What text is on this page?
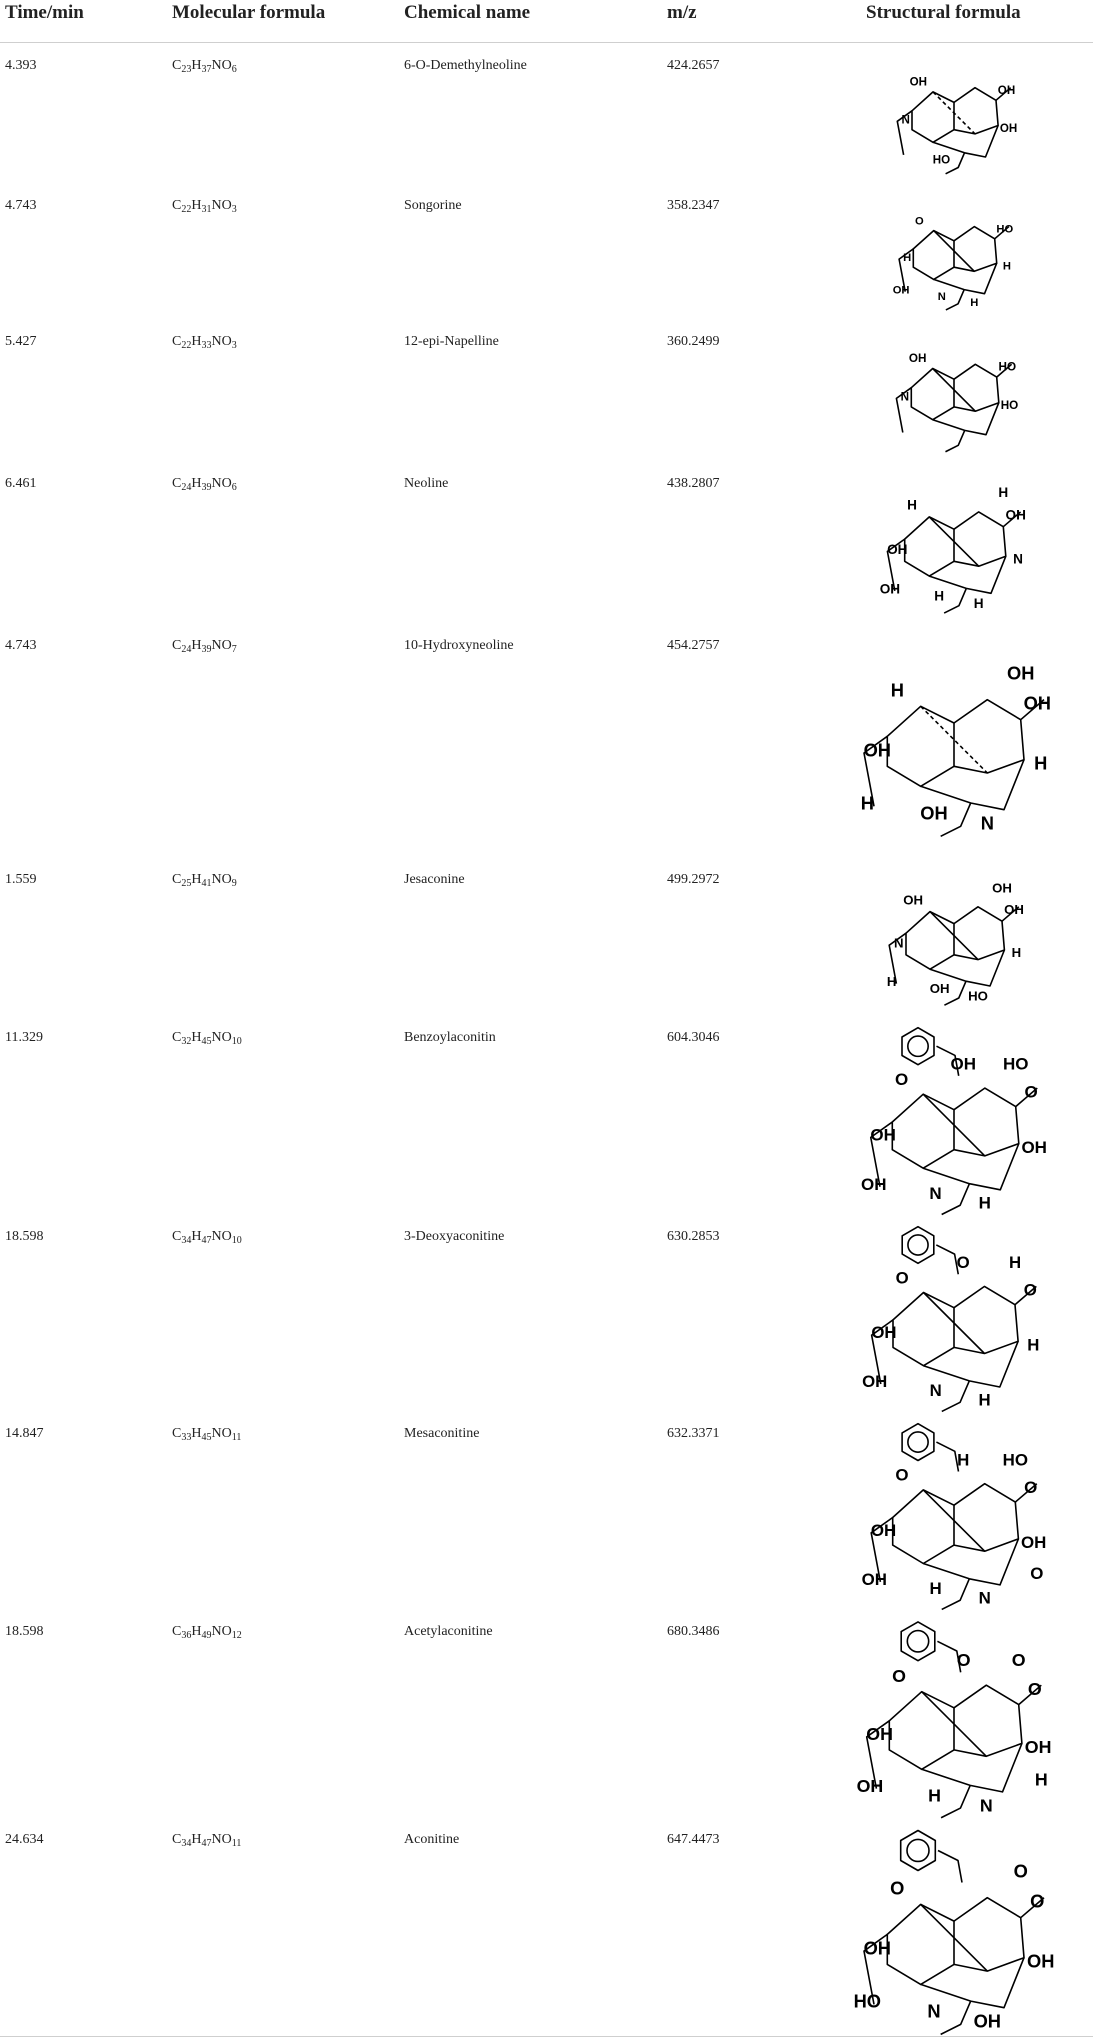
Time/min	Molecular formula	Chemical name	m/z	Structural formula
4.393	$C_{23}H_{37}NO_6$	6-O-Demethylneoline	424.2657
OH
OH
N
OH
HO
4.743	$C_{22}H_{31}NO_3$	Songorine	358.2347
O
HO
H
H
N
H
OH
5.427	$C_{22}H_{33}NO_3$	12-epi-Napelline	360.2499
OH
HO
N
HO
6.461	$C_{24}H_{39}NO_6$	Neoline	438.2807
H
OH
OH
N
H H
OH
H
4.743	$C_{24}H_{39}NO_7$	10-Hydroxyneoline	454.2757
H
OH
OH
H
OH N
H
OH
1.559	$C_{25}H_{41}NO_9$	Jesaconine	499.2972
OH
OH
N
H
OH HO
H
OH
11.329	$C_{32}H_{45}NO_{10}$	Benzoylaconitin	604.3046
O
O
OH
OH
N H
OH
HO
OH
18.598	$C_{34}H_{47}NO_{10}$	3-Deoxyaconitine	630.2853
O
O
OH
H
N H
OH
H
O
14.847	$C_{33}H_{45}NO_{11}$	Mesaconitine	632.3371
O
O
OH
OH
H N
OH
HO
H
O
18.598	$C_{36}H_{49}NO_{12}$	Acetylaconitine	680.3486
O
O
OH
OH
H N
OH
O
O
H
24.634	$C_{34}H_{47}NO_{11}$	Aconitine	647.4473
O
O
OH
OH
N OH
HO
O
